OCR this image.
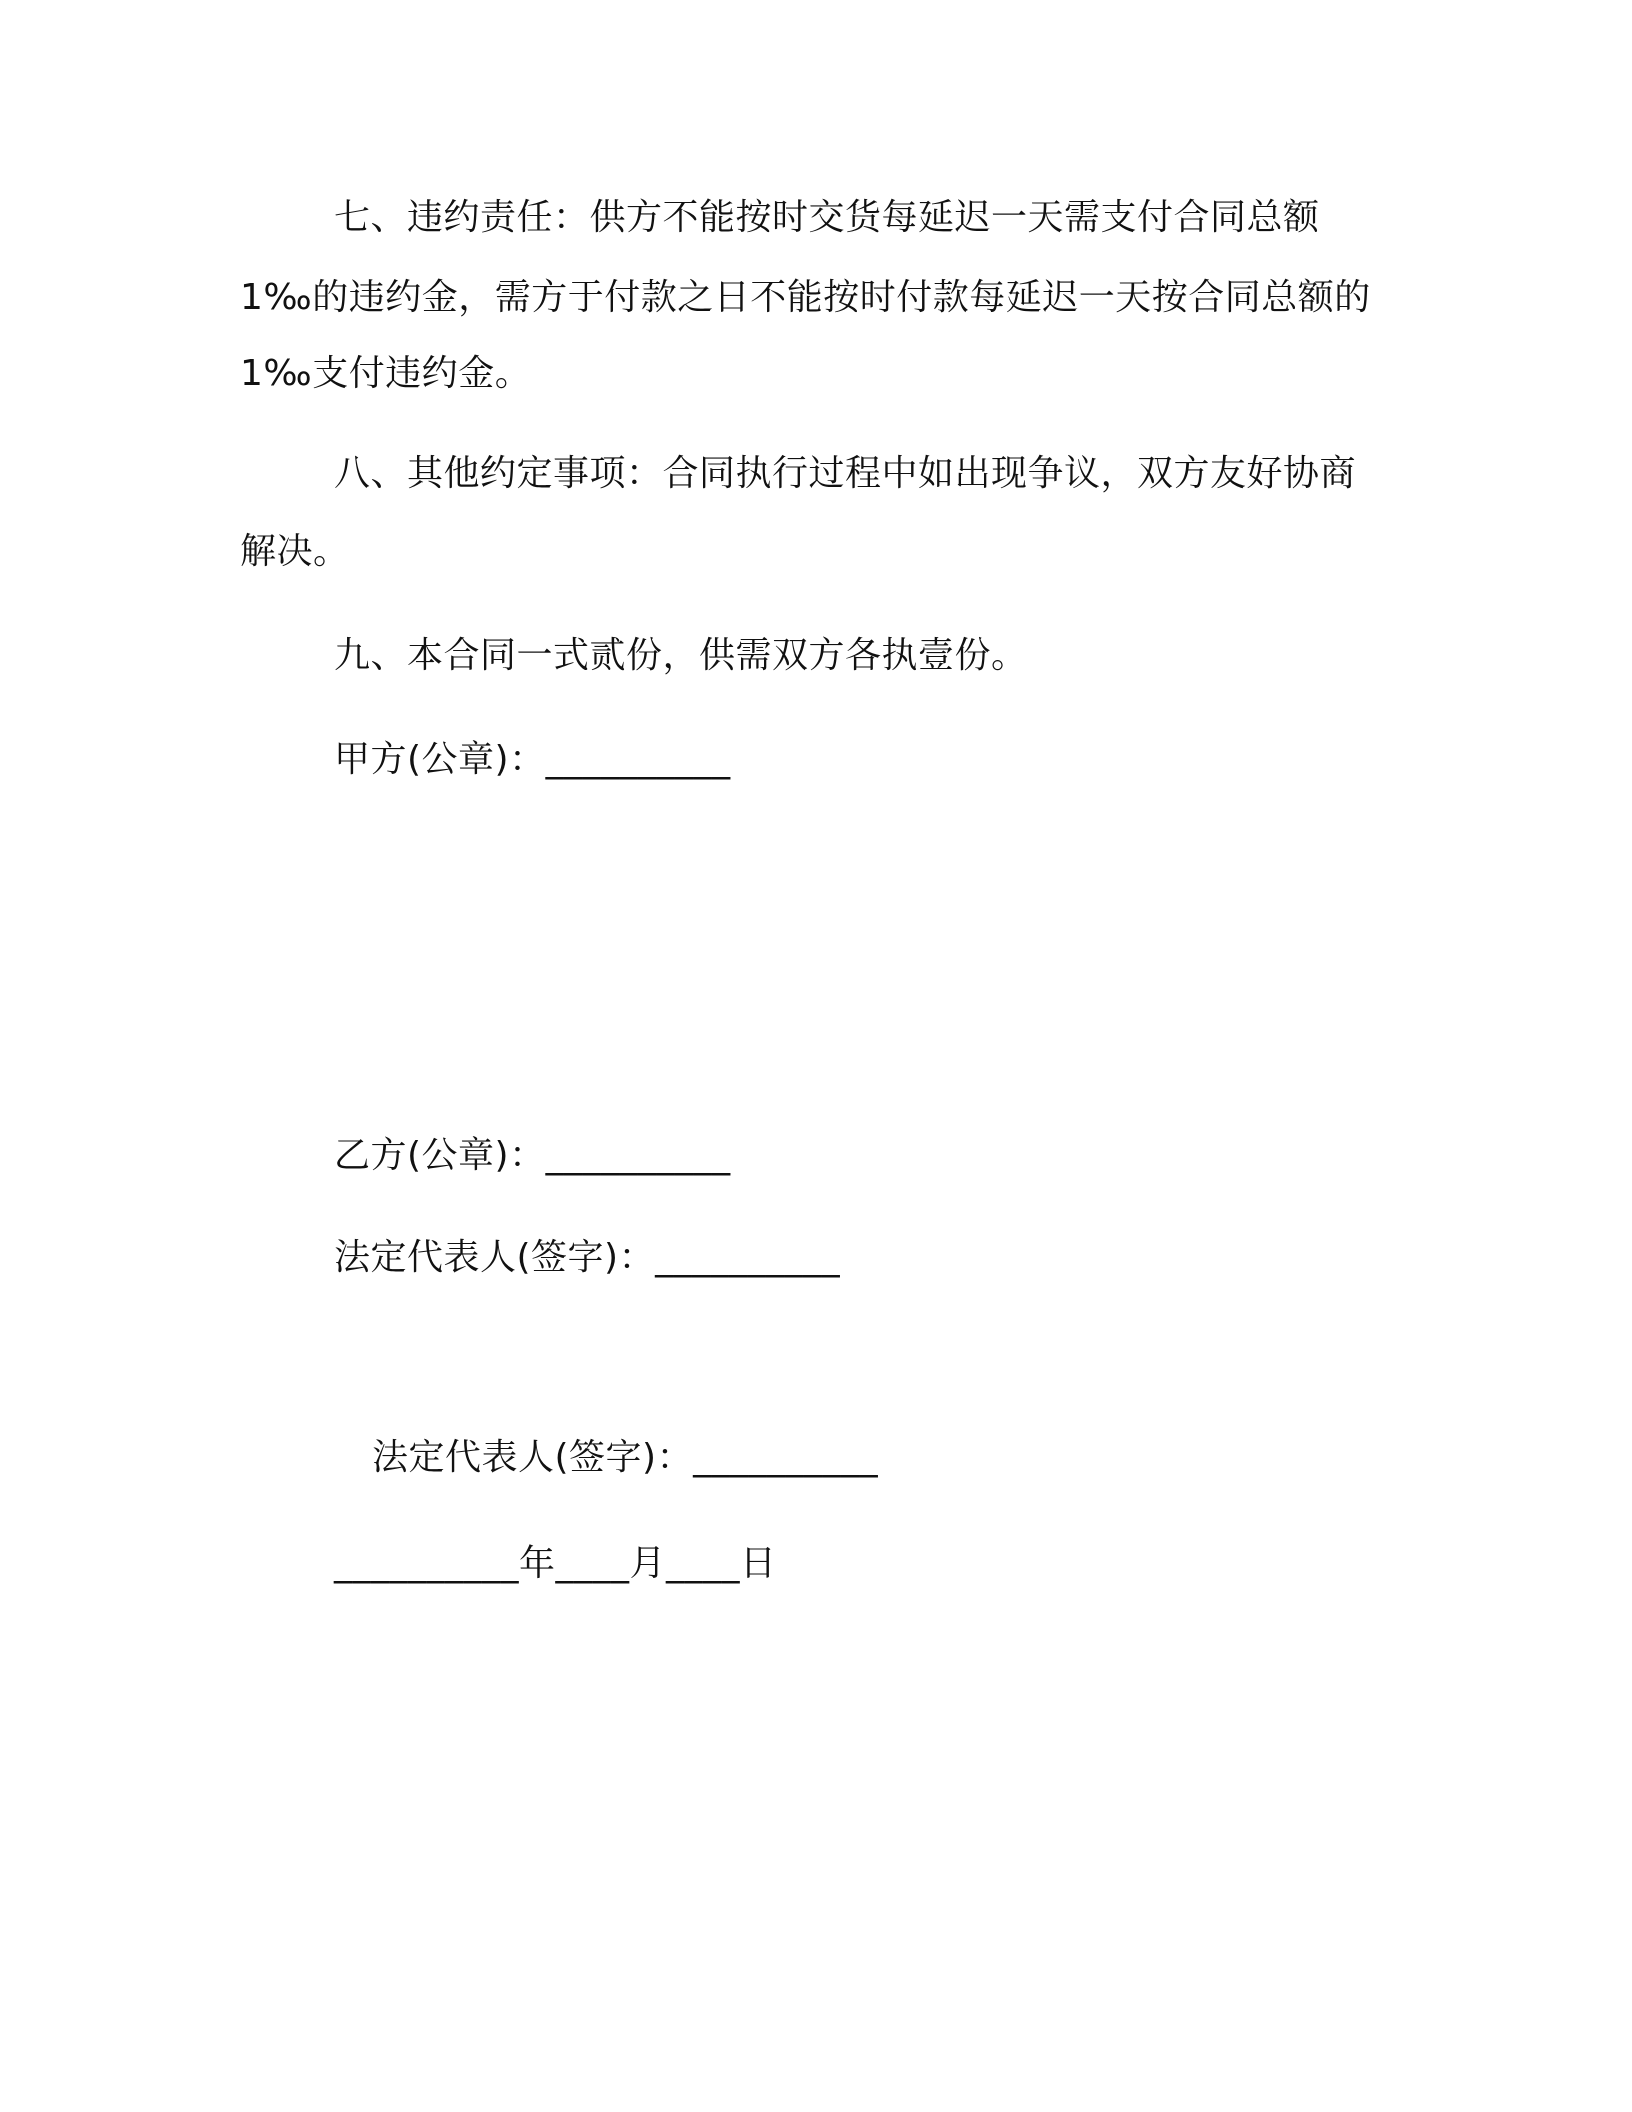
七、违约责任：供方不能按时交货每延迟一天需支付合同总额

1‰的违约金，需方于付款之日不能按时付款每延迟一天按合同总额的

1‰支付违约金。

八、其他约定事项：合同执行过程中如出现争议，双方友好协商

解决。

九、本合同一式贰份，供需双方各执壹份。

甲方(公章)：__________

乙方(公章)：__________

法定代表人(签字)：__________

法定代表人(签字)：__________

__________年____月____日
